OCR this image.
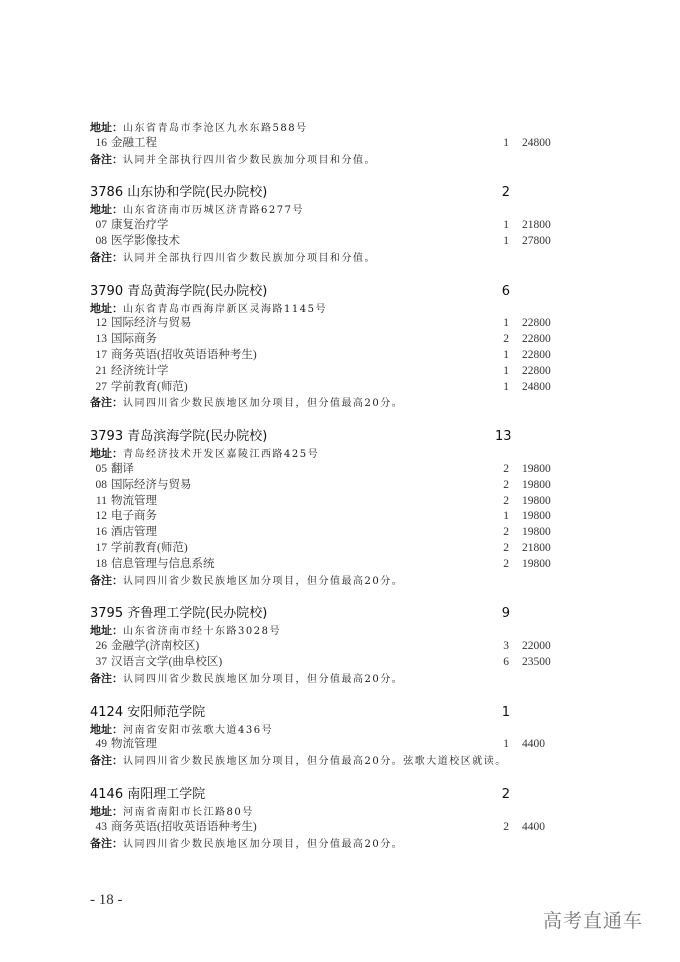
地址：山东省青岛市李沧区九水东路588号
16 金融工程	1 24800
备注：认同并全部执行四川省少数民族加分项目和分值。
3786 山东协和学院(民办院校)	2
地址：山东省济南市历城区济青路6277号
07 康复治疗学	1 21800
08 医学影像技术	1 27800
备注：认同并全部执行四川省少数民族加分项目和分值。
3790 青岛黄海学院(民办院校)	6
地址：山东省青岛市西海岸新区灵海路1145号
12 国际经济与贸易	1 22800
13 国际商务	2 22800
17 商务英语(招收英语语种考生)	1 22800
21 经济统计学	1 22800
27 学前教育(师范)	1 24800
备注：认同四川省少数民族地区加分项目，但分值最高20分。
3793 青岛滨海学院(民办院校)	13
地址：青岛经济技术开发区嘉陵江西路425号
05 翻译	2 19800
08 国际经济与贸易	2 19800
11 物流管理	2 19800
12 电子商务	1 19800
16 酒店管理	2 19800
17 学前教育(师范)	2 21800
18 信息管理与信息系统	2 19800
备注：认同四川省少数民族地区加分项目，但分值最高20分。
3795 齐鲁理工学院(民办院校)	9
地址：山东省济南市经十东路3028号
26 金融学(济南校区)	3 22000
37 汉语言文学(曲阜校区)	6 23500
备注：认同四川省少数民族地区加分项目，但分值最高20分。
4124 安阳师范学院	1
地址：河南省安阳市弦歌大道436号
49 物流管理	1 4400
备注：认同四川省少数民族地区加分项目，但分值最高20分。弦歌大道校区就读。
4146 南阳理工学院	2
地址：河南省南阳市长江路80号
43 商务英语(招收英语语种考生)	2 4400
备注：认同四川省少数民族地区加分项目，但分值最高20分。
- 18 -
高考直通车
